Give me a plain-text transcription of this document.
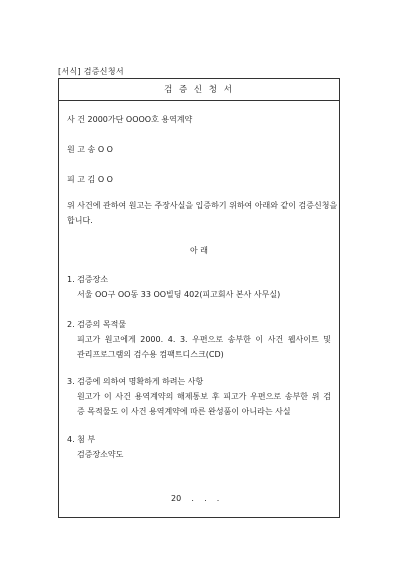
[서식] 검증신청서
검 증 신 청 서
사 건 2000가단 OOOO호 용역계약
원 고 송 O O
피 고 김 O O
위 사건에 관하여 원고는 주장사실을 입증하기 위하여 아래와 같이 검증신청을
합니다.
아 래
1. 검증장소
서울 OO구 OO동 33 OO빌딩 402(피고회사 본사 사무실)
2. 검증의 목적물
피고가 원고에게 2000. 4. 3. 우편으로 송부한 이 사건 웹사이트 및
관리프로그램의 검수용 컴팩트디스크(CD)
3. 검증에 의하여 명확하게 하려는 사항
원고가 이 사건 용역계약의 해제통보 후 피고가 우편으로 송부한 위 검
증 목적물도 이 사건 용역계약에 따른 완성품이 아니라는 사실
4. 첨 부
검증장소약도
20    .    .    .
